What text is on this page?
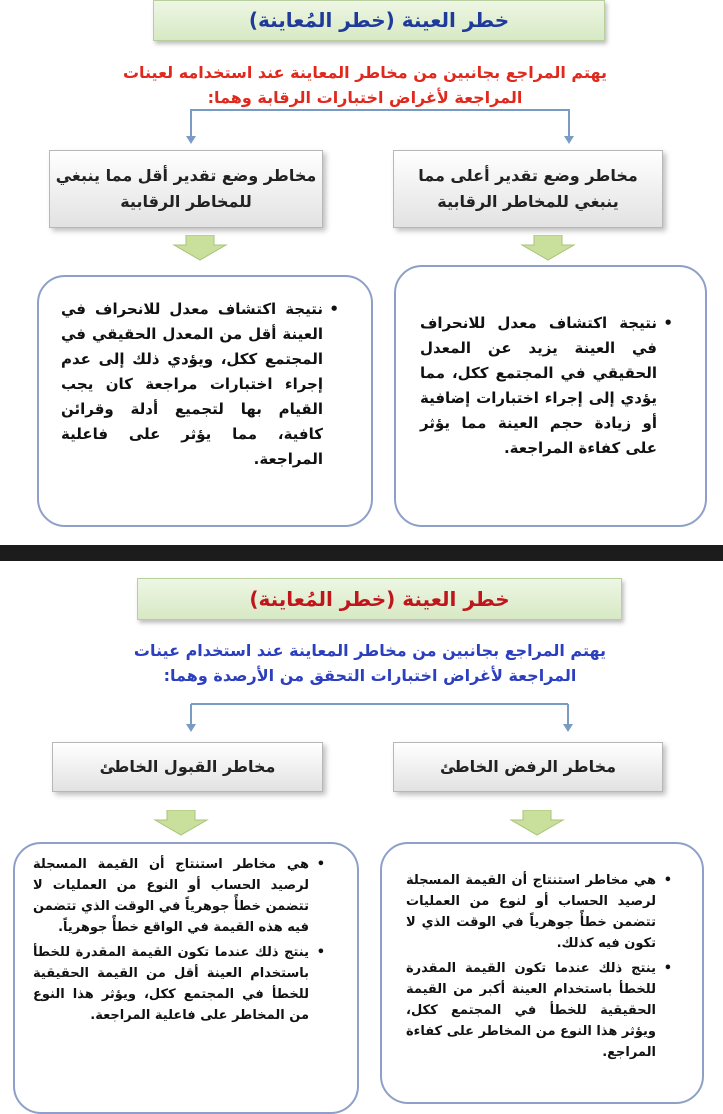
خطر العينة (خطر المُعاينة)
يهتم المراجع بجانبين من مخاطر المعاينة عند استخدامه لعينات
المراجعة لأغراض اختبارات الرقابة وهما:
مخاطر وضع تقدير أعلى مما ينبغي للمخاطر الرقابية
مخاطر وضع تقدير أقل مما ينبغي للمخاطر الرقابية
• نتيجة اكتشاف معدل للانحراف في العينة يزيد عن المعدل الحقيقي في المجتمع ككل، مما يؤدي إلى إجراء اختبارات إضافية أو زيادة حجم العينة مما يؤثر على كفاءة المراجعة.
• نتيجة اكتشاف معدل للانحراف في العينة أقل من المعدل الحقيقي في المجتمع ككل، ويؤدي ذلك إلى عدم إجراء اختبارات مراجعة كان يجب القيام بها لتجميع أدلة وقرائن كافية، مما يؤثر على فاعلية المراجعة.
خطر العينة (خطر المُعاينة)
يهتم المراجع بجانبين من مخاطر المعاينة عند استخدام عينات
المراجعة لأغراض اختبارات التحقق من الأرصدة وهما:
مخاطر الرفض الخاطئ
مخاطر القبول الخاطئ
• هي مخاطر استنتاج أن القيمة المسجلة لرصيد الحساب أو لنوع من العمليات تتضمن خطأً جوهرياً في الوقت الذي لا تكون فيه كذلك.
• ينتج ذلك عندما تكون القيمة المقدرة للخطأ باستخدام العينة أكبر من القيمة الحقيقية للخطأ في المجتمع ككل، ويؤثر هذا النوع من المخاطر على كفاءة المراجع.
• هي مخاطر استنتاج أن القيمة المسجلة لرصيد الحساب أو النوع من العمليات لا تتضمن خطأً جوهرياً في الوقت الذي تتضمن فيه هذه القيمة في الواقع خطأً جوهرياً.
• ينتج ذلك عندما تكون القيمة المقدرة للخطأ باستخدام العينة أقل من القيمة الحقيقية للخطأ في المجتمع ككل، ويؤثر هذا النوع من المخاطر على فاعلية المراجعة.
